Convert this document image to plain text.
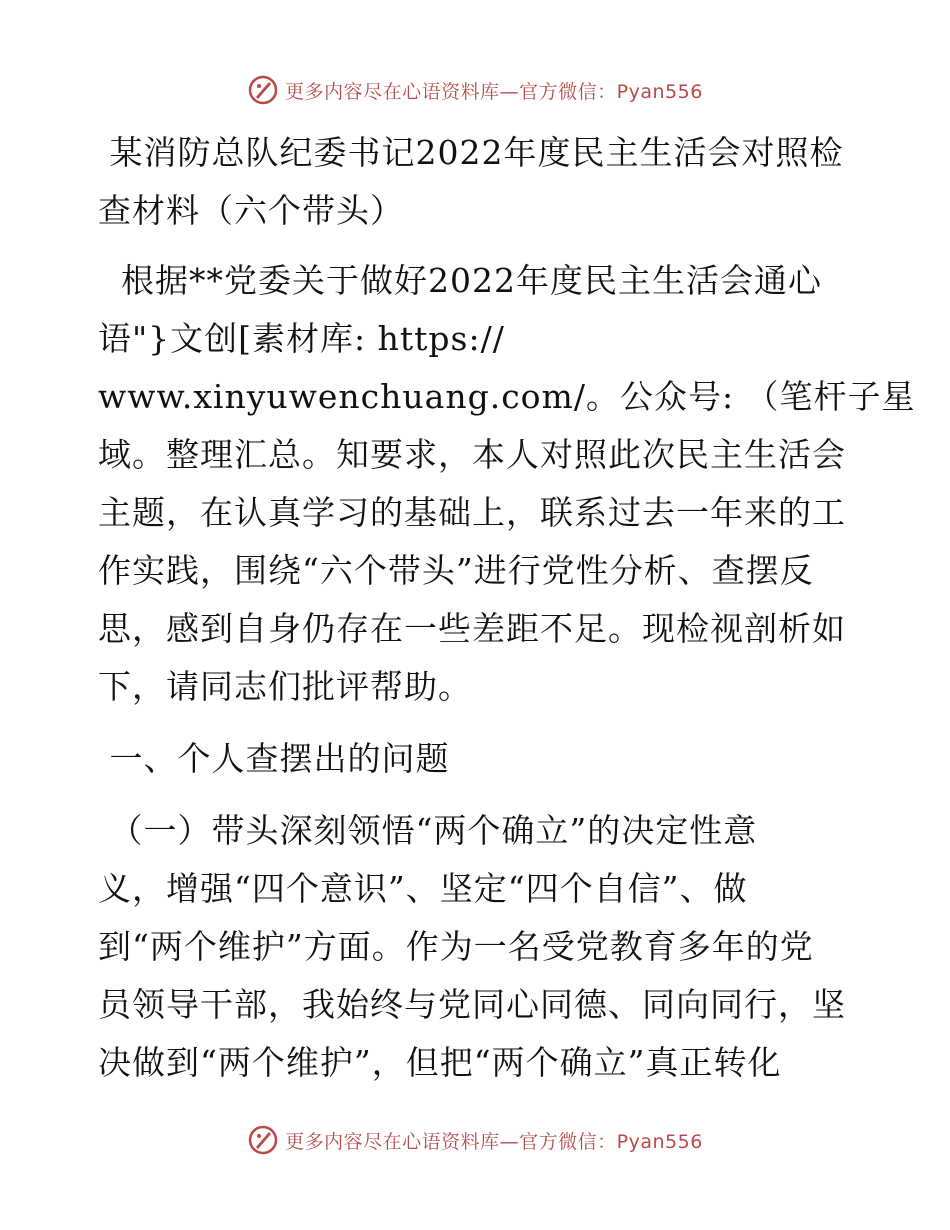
更多内容尽在心语资料库—官方微信：Pyan556
某消防总队纪委书记2022年度民主生活会对照检
查材料（六个带头）
根据**党委关于做好2022年度民主生活会通心
语"}文创[素材库: https://
www.xinyuwenchuang.com/。公众号: （笔杆子星
域。整理汇总。知要求，本人对照此次民主生活会
主题，在认真学习的基础上，联系过去一年来的工
作实践，围绕“六个带头”进行党性分析、查摆反
思，感到自身仍存在一些差距不足。现检视剖析如
下，请同志们批评帮助。
一、个人查摆出的问题
（一）带头深刻领悟“两个确立”的决定性意
义，增强“四个意识”、坚定“四个自信”、做
到“两个维护”方面。作为一名受党教育多年的党
员领导干部，我始终与党同心同德、同向同行，坚
决做到“两个维护”，但把“两个确立”真正转化
更多内容尽在心语资料库—官方微信：Pyan556
